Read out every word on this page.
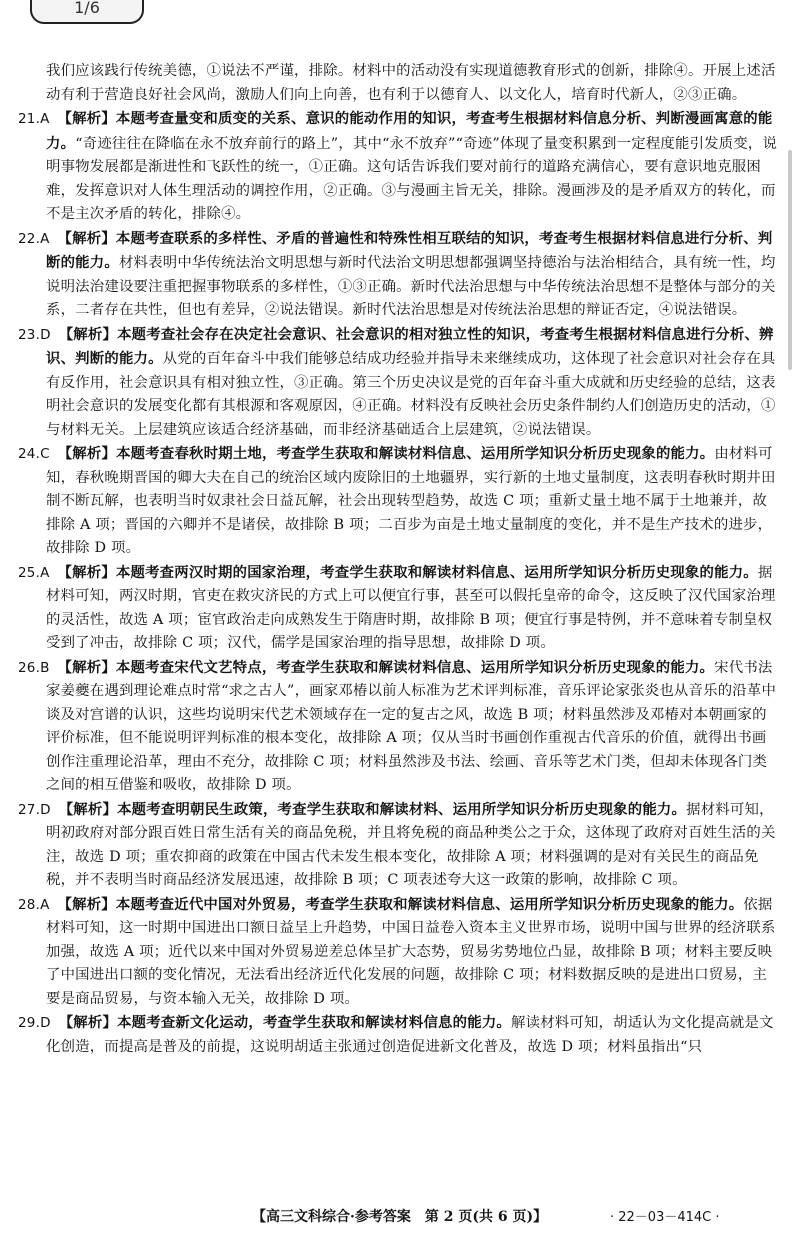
1/6

我们应该践行传统美德，①说法不严谨，排除。材料中的活动没有实现道德教育形式的创新，排除④。开展上述活动有利于营造良好社会风尚，激励人们向上向善，也有利于以德育人、以文化人，培育时代新人，②③正确。

21.A 【解析】本题考查量变和质变的关系、意识的能动作用的知识，考查考生根据材料信息分析、判断漫画寓意的能力。“奇迹往往在降临在永不放弃前行的路上”，其中“永不放弃”“奇迹”体现了量变积累到一定程度能引发质变，说明事物发展都是渐进性和飞跃性的统一，①正确。这句话告诉我们要对前行的道路充满信心，要有意识地克服困难，发挥意识对人体生理活动的调控作用，②正确。③与漫画主旨无关，排除。漫画涉及的是矛盾双方的转化，而不是主次矛盾的转化，排除④。

22.A 【解析】本题考查联系的多样性、矛盾的普遍性和特殊性相互联结的知识，考查考生根据材料信息进行分析、判断的能力。材料表明中华传统法治文明思想与新时代法治文明思想都强调坚持德治与法治相结合，具有统一性，均说明法治建设要注重把握事物联系的多样性，①③正确。新时代法治思想与中华传统法治思想不是整体与部分的关系，二者存在共性，但也有差异，②说法错误。新时代法治思想是对传统法治思想的辩证否定，④说法错误。

23.D 【解析】本题考查社会存在决定社会意识、社会意识的相对独立性的知识，考查考生根据材料信息进行分析、辨识、判断的能力。从党的百年奋斗中我们能够总结成功经验并指导未来继续成功，这体现了社会意识对社会存在具有反作用，社会意识具有相对独立性，③正确。第三个历史决议是党的百年奋斗重大成就和历史经验的总结，这表明社会意识的发展变化都有其根源和客观原因，④正确。材料没有反映社会历史条件制约人们创造历史的活动，①与材料无关。上层建筑应该适合经济基础，而非经济基础适合上层建筑，②说法错误。

24.C 【解析】本题考查春秋时期土地，考查学生获取和解读材料信息、运用所学知识分析历史现象的能力。由材料可知，春秋晚期晋国的卿大夫在自己的统治区域内废除旧的土地疆界，实行新的土地丈量制度，这表明春秋时期井田制不断瓦解，也表明当时奴隶社会日益瓦解，社会出现转型趋势，故选 C 项；重新丈量土地不属于土地兼并，故排除 A 项；晋国的六卿并不是诸侯，故排除 B 项；二百步为亩是土地丈量制度的变化，并不是生产技术的进步，故排除 D 项。

25.A 【解析】本题考查两汉时期的国家治理，考查学生获取和解读材料信息、运用所学知识分析历史现象的能力。据材料可知，两汉时期，官吏在救灾济民的方式上可以便宜行事，甚至可以假托皇帝的命令，这反映了汉代国家治理的灵活性，故选 A 项；宦官政治走向成熟发生于隋唐时期，故排除 B 项；便宜行事是特例，并不意味着专制皇权受到了冲击，故排除 C 项；汉代，儒学是国家治理的指导思想，故排除 D 项。

26.B 【解析】本题考查宋代文艺特点，考查学生获取和解读材料信息、运用所学知识分析历史现象的能力。宋代书法家姜夔在遇到理论难点时常“求之古人”，画家邓椿以前人标准为艺术评判标准，音乐评论家张炎也从音乐的沿革中谈及对宫谱的认识，这些均说明宋代艺术领域存在一定的复古之风，故选 B 项；材料虽然涉及邓椿对本朝画家的评价标准，但不能说明评判标准的根本变化，故排除 A 项；仅从当时书画创作重视古代音乐的价值，就得出书画创作注重理论沿革，理由不充分，故排除 C 项；材料虽然涉及书法、绘画、音乐等艺术门类，但却未体现各门类之间的相互借鉴和吸收，故排除 D 项。

27.D 【解析】本题考查明朝民生政策，考查学生获取和解读材料、运用所学知识分析历史现象的能力。据材料可知，明初政府对部分跟百姓日常生活有关的商品免税，并且将免税的商品种类公之于众，这体现了政府对百姓生活的关注，故选 D 项；重农抑商的政策在中国古代未发生根本变化，故排除 A 项；材料强调的是对有关民生的商品免税，并不表明当时商品经济发展迅速，故排除 B 项；C 项表述夸大这一政策的影响，故排除 C 项。

28.A 【解析】本题考查近代中国对外贸易，考查学生获取和解读材料信息、运用所学知识分析历史现象的能力。依据材料可知，这一时期中国进出口额日益呈上升趋势，中国日益卷入资本主义世界市场，说明中国与世界的经济联系加强，故选 A 项；近代以来中国对外贸易逆差总体呈扩大态势，贸易劣势地位凸显，故排除 B 项；材料主要反映了中国进出口额的变化情况，无法看出经济近代化发展的问题，故排除 C 项；材料数据反映的是进出口贸易，主要是商品贸易，与资本输入无关，故排除 D 项。

29.D 【解析】本题考查新文化运动，考查学生获取和解读材料信息的能力。解读材料可知，胡适认为文化提高就是文化创造，而提高是普及的前提，这说明胡适主张通过创造促进新文化普及，故选 D 项；材料虽指出“只

【高三文科综合·参考答案　第 2 页(共 6 页)】	· 22－03－414C ·
